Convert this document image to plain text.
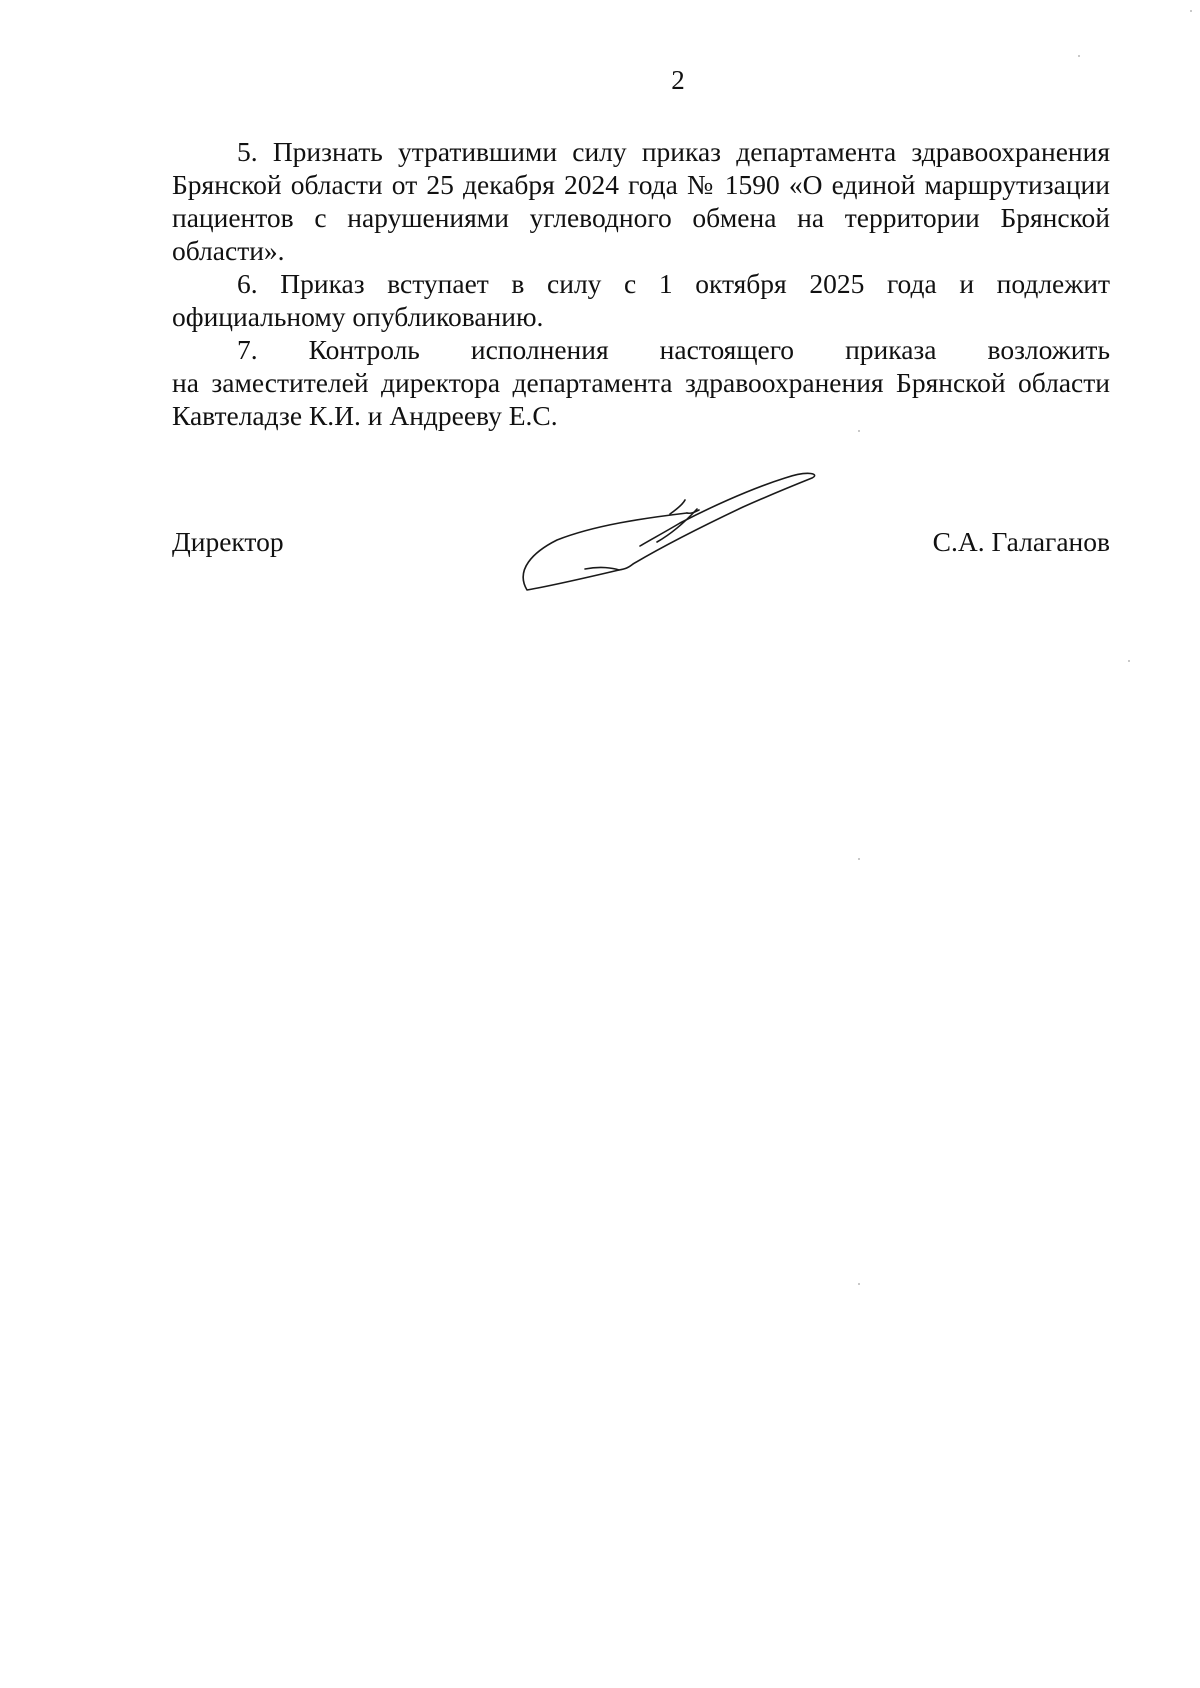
2
5. Признать утратившими силу приказ департамента здравоохранения
Брянской области от 25 декабря 2024 года № 1590 «О единой маршрутизации
пациентов с нарушениями углеводного обмена на территории Брянской
области».
6. Приказ вступает в силу с 1 октября 2025 года и подлежит
официальному опубликованию.
7. Контроль исполнения настоящего приказа возложить
на заместителей директора департамента здравоохранения Брянской области
Кавтеладзе К.И. и Андрееву Е.С.
Директор	С.А. Галаганов
